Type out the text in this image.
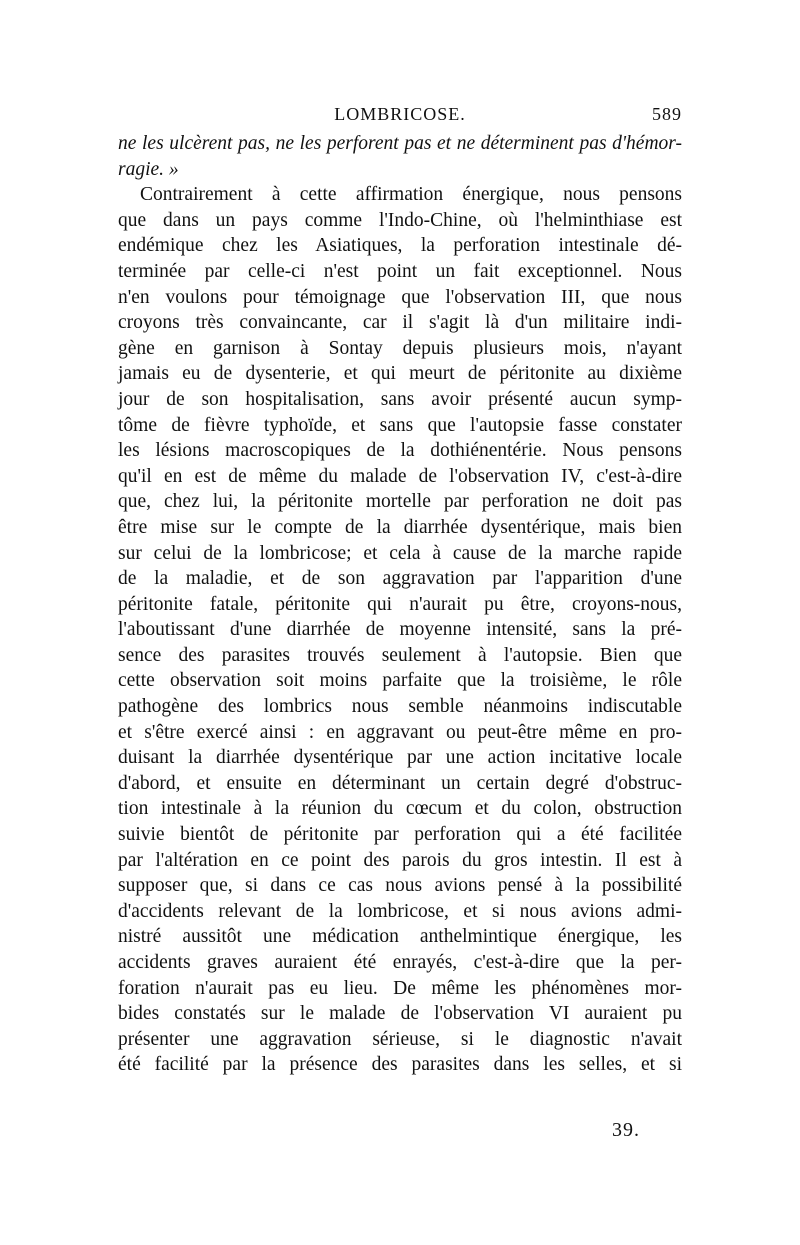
LOMBRICOSE.	589
ne les ulcèrent pas, ne les perforent pas et ne déterminent pas d'hémor-
ragie. »
Contrairement à cette affirmation énergique, nous pensons
que dans un pays comme l'Indo-Chine, où l'helminthiase est
endémique chez les Asiatiques, la perforation intestinale dé-
terminée par celle-ci n'est point un fait exceptionnel. Nous
n'en voulons pour témoignage que l'observation III, que nous
croyons très convaincante, car il s'agit là d'un militaire indi-
gène en garnison à Sontay depuis plusieurs mois, n'ayant
jamais eu de dysenterie, et qui meurt de péritonite au dixième
jour de son hospitalisation, sans avoir présenté aucun symp-
tôme de fièvre typhoïde, et sans que l'autopsie fasse constater
les lésions macroscopiques de la dothiénentérie. Nous pensons
qu'il en est de même du malade de l'observation IV, c'est-à-dire
que, chez lui, la péritonite mortelle par perforation ne doit pas
être mise sur le compte de la diarrhée dysentérique, mais bien
sur celui de la lombricose; et cela à cause de la marche rapide
de la maladie, et de son aggravation par l'apparition d'une
péritonite fatale, péritonite qui n'aurait pu être, croyons-nous,
l'aboutissant d'une diarrhée de moyenne intensité, sans la pré-
sence des parasites trouvés seulement à l'autopsie. Bien que
cette observation soit moins parfaite que la troisième, le rôle
pathogène des lombrics nous semble néanmoins indiscutable
et s'être exercé ainsi : en aggravant ou peut-être même en pro-
duisant la diarrhée dysentérique par une action incitative locale
d'abord, et ensuite en déterminant un certain degré d'obstruc-
tion intestinale à la réunion du cœcum et du colon, obstruction
suivie bientôt de péritonite par perforation qui a été facilitée
par l'altération en ce point des parois du gros intestin. Il est à
supposer que, si dans ce cas nous avions pensé à la possibilité
d'accidents relevant de la lombricose, et si nous avions admi-
nistré aussitôt une médication anthelmintique énergique, les
accidents graves auraient été enrayés, c'est-à-dire que la per-
foration n'aurait pas eu lieu. De même les phénomènes mor-
bides constatés sur le malade de l'observation VI auraient pu
présenter une aggravation sérieuse, si le diagnostic n'avait
été facilité par la présence des parasites dans les selles, et si
39.
